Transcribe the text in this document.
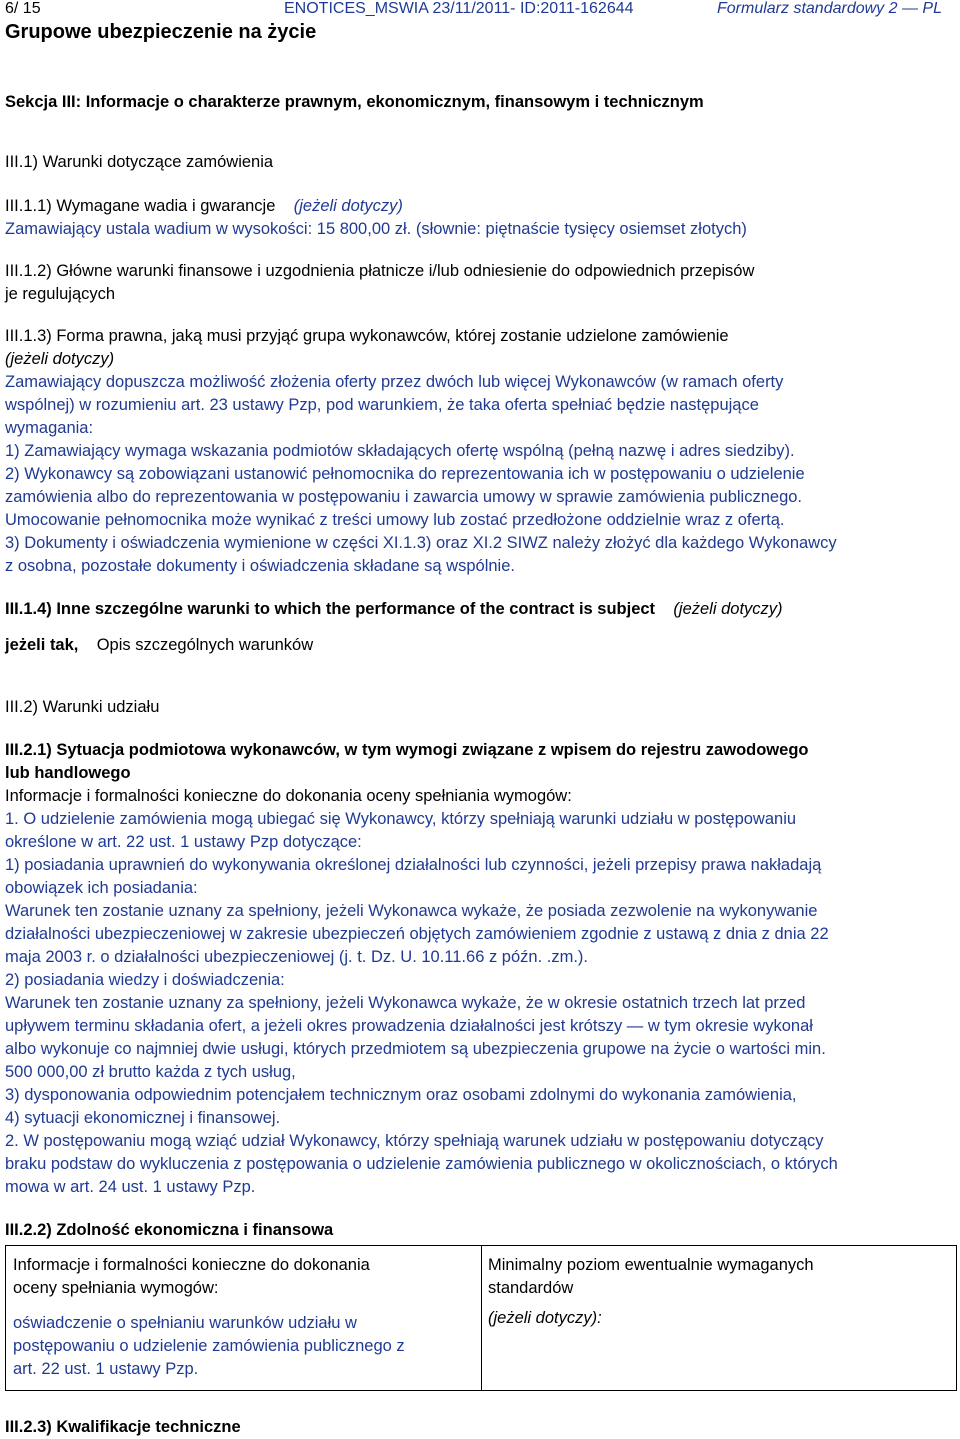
6/ 15	ENOTICES_MSWIA 23/11/2011- ID:2011-162644	Formularz standardowy 2 — PL
Grupowe ubezpieczenie na życie
Sekcja III: Informacje o charakterze prawnym, ekonomicznym, finansowym i technicznym
III.1) Warunki dotyczące zamówienia
III.1.1) Wymagane wadia i gwarancje (jeżeli dotyczy)
Zamawiający ustala wadium w wysokości: 15 800,00 zł. (słownie: piętnaście tysięcy osiemset złotych)
III.1.2) Główne warunki finansowe i uzgodnienia płatnicze i/lub odniesienie do odpowiednich przepisów
je regulujących
III.1.3) Forma prawna, jaką musi przyjąć grupa wykonawców, której zostanie udzielone zamówienie
(jeżeli dotyczy)
Zamawiający dopuszcza możliwość złożenia oferty przez dwóch lub więcej Wykonawców (w ramach oferty
wspólnej) w rozumieniu art. 23 ustawy Pzp, pod warunkiem, że taka oferta spełniać będzie następujące
wymagania:
1) Zamawiający wymaga wskazania podmiotów składających ofertę wspólną (pełną nazwę i adres siedziby).
2) Wykonawcy są zobowiązani ustanowić pełnomocnika do reprezentowania ich w postępowaniu o udzielenie
zamówienia albo do reprezentowania w postępowaniu i zawarcia umowy w sprawie zamówienia publicznego.
Umocowanie pełnomocnika może wynikać z treści umowy lub zostać przedłożone oddzielnie wraz z ofertą.
3) Dokumenty i oświadczenia wymienione w części XI.1.3) oraz XI.2 SIWZ należy złożyć dla każdego Wykonawcy
z osobna, pozostałe dokumenty i oświadczenia składane są wspólnie.
III.1.4) Inne szczególne warunki to which the performance of the contract is subject (jeżeli dotyczy)
jeżeli tak, Opis szczególnych warunków
III.2) Warunki udziału
III.2.1) Sytuacja podmiotowa wykonawców, w tym wymogi związane z wpisem do rejestru zawodowego
lub handlowego
Informacje i formalności konieczne do dokonania oceny spełniania wymogów:
1. O udzielenie zamówienia mogą ubiegać się Wykonawcy, którzy spełniają warunki udziału w postępowaniu
określone w art. 22 ust. 1 ustawy Pzp dotyczące:
1) posiadania uprawnień do wykonywania określonej działalności lub czynności, jeżeli przepisy prawa nakładają
obowiązek ich posiadania:
Warunek ten zostanie uznany za spełniony, jeżeli Wykonawca wykaże, że posiada zezwolenie na wykonywanie
działalności ubezpieczeniowej w zakresie ubezpieczeń objętych zamówieniem zgodnie z ustawą z dnia z dnia 22
maja 2003 r. o działalności ubezpieczeniowej (j. t. Dz. U. 10.11.66 z późn. .zm.).
2) posiadania wiedzy i doświadczenia:
Warunek ten zostanie uznany za spełniony, jeżeli Wykonawca wykaże, że w okresie ostatnich trzech lat przed
upływem terminu składania ofert, a jeżeli okres prowadzenia działalności jest krótszy — w tym okresie wykonał
albo wykonuje co najmniej dwie usługi, których przedmiotem są ubezpieczenia grupowe na życie o wartości min.
500 000,00 zł brutto każda z tych usług,
3) dysponowania odpowiednim potencjałem technicznym oraz osobami zdolnymi do wykonania zamówienia,
4) sytuacji ekonomicznej i finansowej.
2. W postępowaniu mogą wziąć udział Wykonawcy, którzy spełniają warunek udziału w postępowaniu dotyczący
braku podstaw do wykluczenia z postępowania o udzielenie zamówienia publicznego w okolicznościach, o których
mowa w art. 24 ust. 1 ustawy Pzp.
III.2.2) Zdolność ekonomiczna i finansowa
Informacje i formalności konieczne do dokonania
oceny spełniania wymogów:
oświadczenie o spełnianiu warunków udziału w
postępowaniu o udzielenie zamówienia publicznego z
art. 22 ust. 1 ustawy Pzp.
Minimalny poziom ewentualnie wymaganych
standardów
(jeżeli dotyczy):
III.2.3) Kwalifikacje techniczne
